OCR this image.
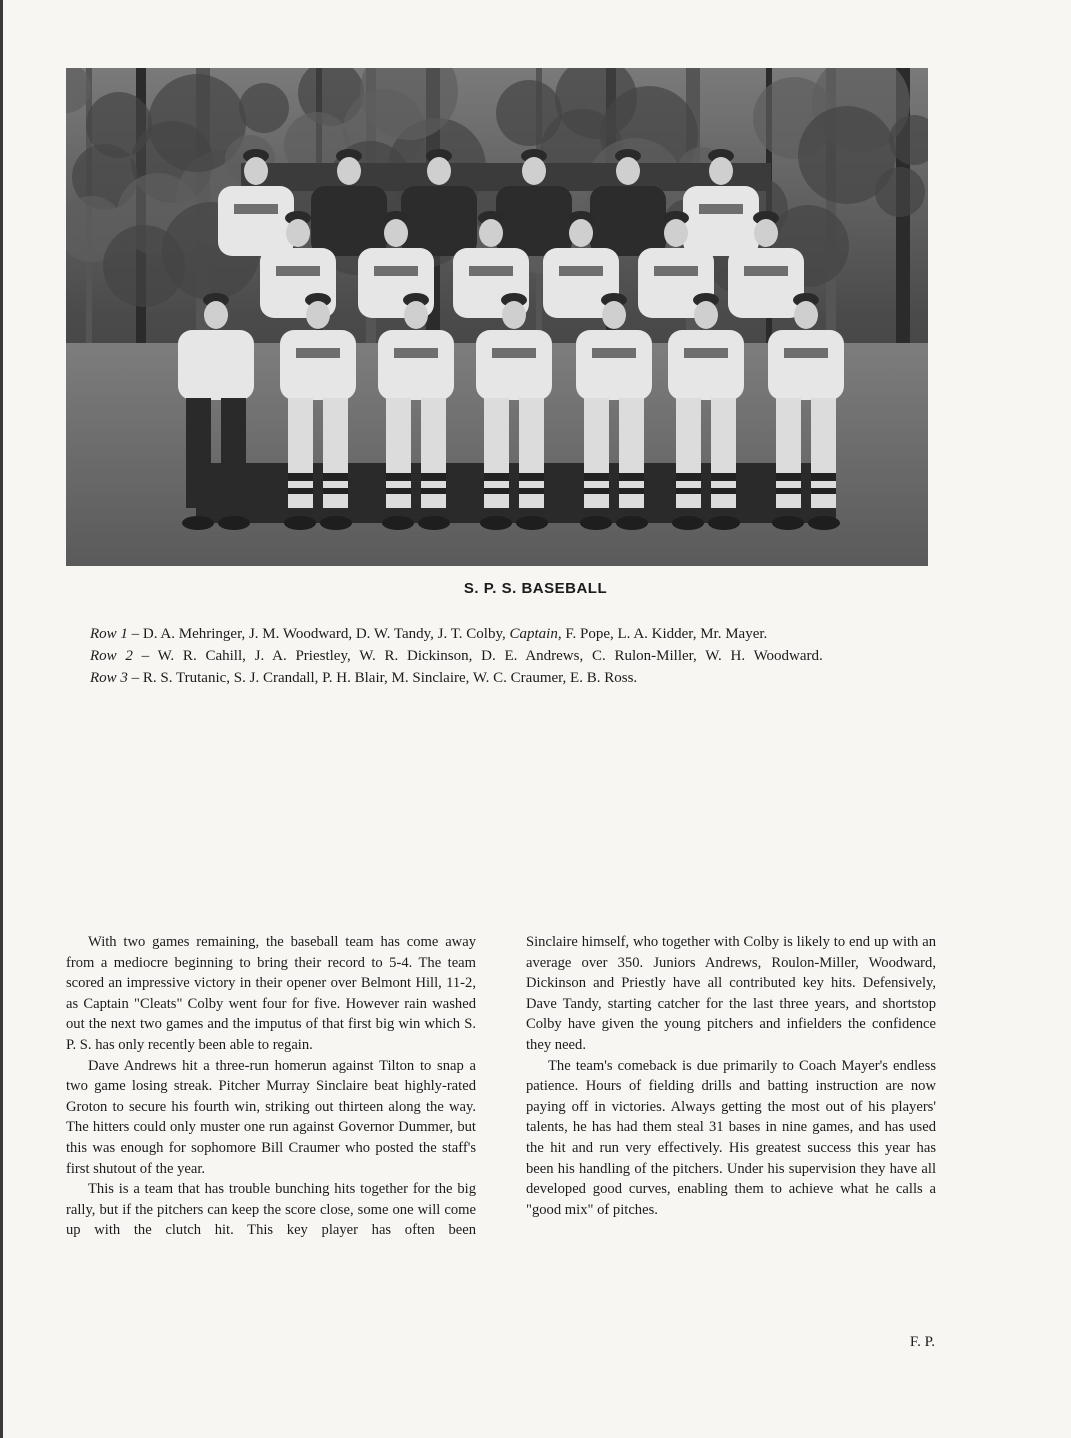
S. P. S. BASEBALL

Row 1 – D. A. Mehringer, J. M. Woodward, D. W. Tandy, J. T. Colby, Captain, F. Pope, L. A. Kidder, Mr. Mayer.

Row 2 – W. R. Cahill, J. A. Priestley, W. R. Dickinson, D. E. Andrews, C. Rulon-Miller, W. H. Woodward.

Row 3 – R. S. Trutanic, S. J. Crandall, P. H. Blair, M. Sinclaire, W. C. Craumer, E. B. Ross.

With two games remaining, the baseball team has come away from a mediocre beginning to bring their record to 5-4. The team scored an impressive victory in their opener over Belmont Hill, 11-2, as Captain "Cleats" Colby went four for five. However rain washed out the next two games and the imputus of that first big win which S. P. S. has only recently been able to regain.

Dave Andrews hit a three-run homerun against Tilton to snap a two game losing streak. Pitcher Murray Sinclaire beat highly-rated Groton to secure his fourth win, striking out thirteen along the way. The hitters could only muster one run against Governor Dummer, but this was enough for sophomore Bill Craumer who posted the staff's first shutout of the year.

This is a team that has trouble bunching hits together for the big rally, but if the pitchers can keep the score close, some one will come up with the clutch hit. This key player has often been

Sinclaire himself, who together with Colby is likely to end up with an average over 350. Juniors Andrews, Roulon-Miller, Woodward, Dickinson and Priestly have all contributed key hits. Defensively, Dave Tandy, starting catcher for the last three years, and shortstop Colby have given the young pitchers and infielders the confidence they need.

The team's comeback is due primarily to Coach Mayer's endless patience. Hours of fielding drills and batting instruction are now paying off in victories. Always getting the most out of his players' talents, he has had them steal 31 bases in nine games, and has used the hit and run very effectively. His greatest success this year has been his handling of the pitchers. Under his supervision they have all developed good curves, enabling them to achieve what he calls a "good mix" of pitches.

F. P.
